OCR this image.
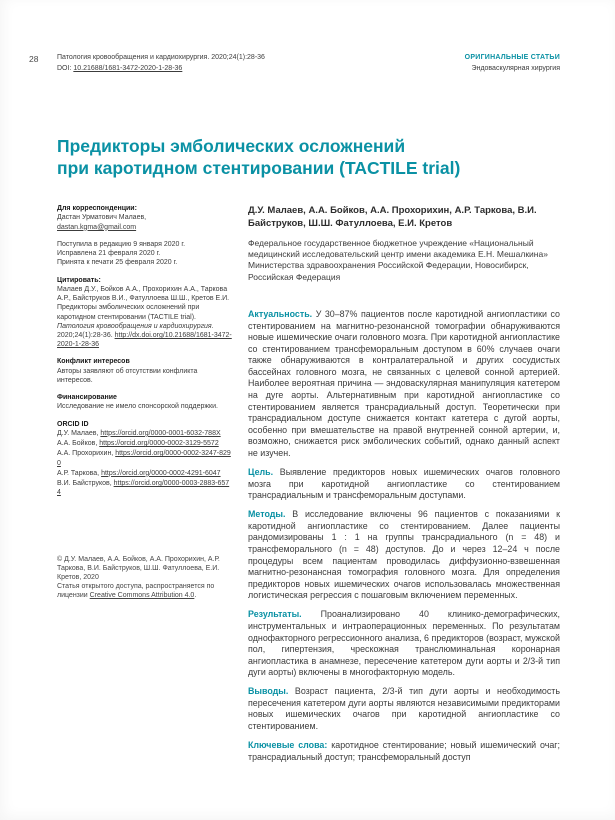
28	Патология кровообращения и кардиохирургия. 2020;24(1):28-36
DOI: 10.21688/1681-3472-2020-1-28-36
ОРИГИНАЛЬНЫЕ СТАТЬИ
Эндоваскулярная хирургия
Предикторы эмболических осложнений
при каротидном стентировании (TACTILE trial)
Для корреспонденции:
Дастан Урматович Малаев,
dastan.kgma@gmail.com
Поступила в редакцию 9 января 2020 г.
Исправлена 21 февраля 2020 г.
Принята к печати 25 февраля 2020 г.
Цитировать:
Малаев Д.У., Бойков А.А., Прохорихин А.А., Таркова А.Р., Байструков В.И., Фатуллоева Ш.Ш., Кретов Е.И. Предикторы эмболических осложнений при каротидном стентировании (TACTILE trial). Патология кровообращения и кардиохирургия. 2020;24(1):28-36. http://dx.doi.org/10.21688/1681-3472-2020-1-28-36
Конфликт интересов
Авторы заявляют об отсутствии конфликта интересов.
Финансирование
Исследование не имело спонсорской поддержки.
ORCID ID
Д.У. Малаев, https://orcid.org/0000-0001-6032-788X
А.А. Бойков, https://orcid.org/0000-0002-3129-5572
А.А. Прохорихин, https://orcid.org/0000-0002-3247-8290
А.Р. Таркова, https://orcid.org/0000-0002-4291-6047
В.И. Байструков, https://orcid.org/0000-0003-2883-6574
© Д.У. Малаев, А.А. Бойков, А.А. Прохорихин, А.Р. Таркова, В.И. Байструков, Ш.Ш. Фатуллоева, Е.И. Кретов, 2020
Статья открытого доступа, распространяется по лицензии Creative Commons Attribution 4.0.
Д.У. Малаев, А.А. Бойков, А.А. Прохорихин, А.Р. Таркова, В.И. Байструков, Ш.Ш. Фатуллоева, Е.И. Кретов
Федеральное государственное бюджетное учреждение «Национальный медицинский исследовательский центр имени академика Е.Н. Мешалкина» Министерства здравоохранения Российской Федерации, Новосибирск, Российская Федерация

Актуальность. У 30–87% пациентов после каротидной ангиопластики со стентированием на магнитно-резонансной томографии обнаруживаются новые ишемические очаги головного мозга. При каротидной ангиопластике со стентированием трансфеморальным доступом в 60% случаев очаги также обнаруживаются в контралатеральной и других сосудистых бассейнах головного мозга, не связанных с целевой сонной артерией. Наиболее вероятная причина — эндоваскулярная манипуляция катетером на дуге аорты. Альтернативным при каротидной ангиопластике со стентированием является трансрадиальный доступ. Теоретически при трансрадиальном доступе снижается контакт катетера с дугой аорты, особенно при вмешательстве на правой внутренней сонной артерии, и, возможно, снижается риск эмболических событий, однако данный аспект не изучен.

Цель. Выявление предикторов новых ишемических очагов головного мозга при каротидной ангиопластике со стентированием трансрадиальным и трансфеморальным доступами.

Методы. В исследование включены 96 пациентов с показаниями к каротидной ангиопластике со стентированием. Далее пациенты рандомизированы 1 : 1 на группы трансрадиального (n = 48) и трансфеморального (n = 48) доступов. До и через 12–24 ч после процедуры всем пациентам проводилась диффузионно-взвешенная магнитно-резонансная томография головного мозга. Для определения предикторов новых ишемических очагов использовалась множественная логистическая регрессия с пошаговым включением переменных.

Результаты. Проанализировано 40 клинико-демографических, инструментальных и интраоперационных переменных. По результатам однофакторного регрессионного анализа, 6 предикторов (возраст, мужской пол, гипертензия, чрескожная транслюминальная коронарная ангиопластика в анамнезе, пересечение катетером дуги аорты и 2/3-й тип дуги аорты) включены в многофакторную модель.

Выводы. Возраст пациента, 2/3-й тип дуги аорты и необходимость пересечения катетером дуги аорты являются независимыми предикторами новых ишемических очагов при каротидной ангиопластике со стентированием.

Ключевые слова: каротидное стентирование; новый ишемический очаг; трансрадиальный доступ; трансфеморальный доступ
